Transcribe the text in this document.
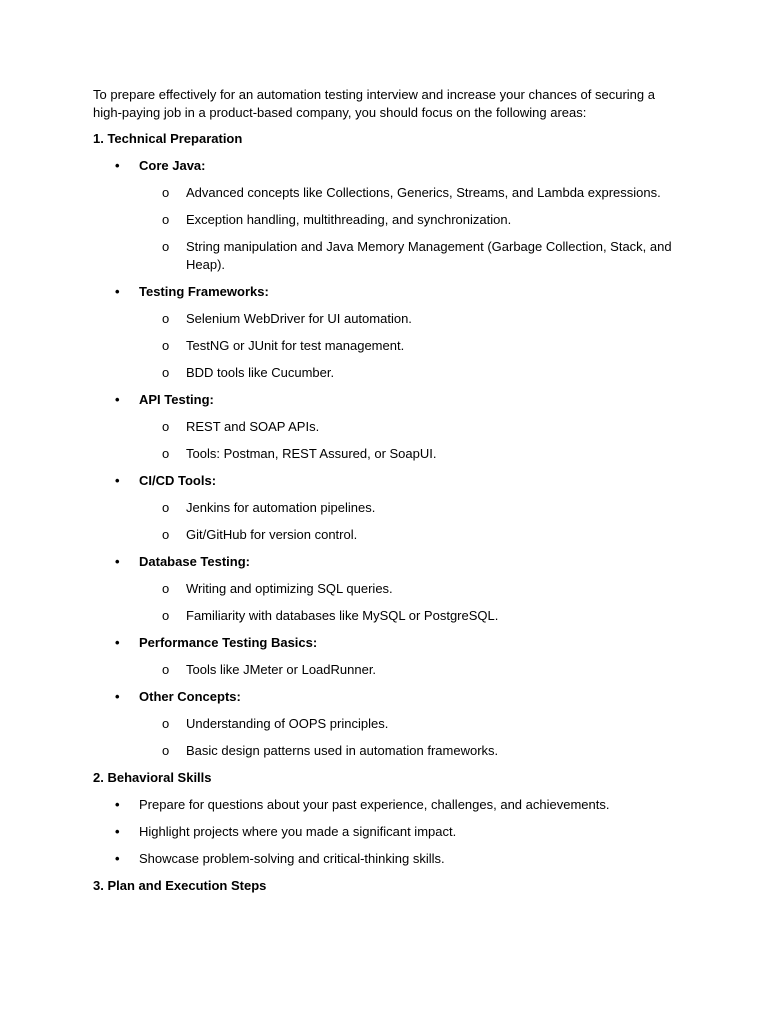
To prepare effectively for an automation testing interview and increase your chances of securing a high-paying job in a product-based company, you should focus on the following areas:

1. Technical Preparation
• Core Java:
o Advanced concepts like Collections, Generics, Streams, and Lambda expressions.
o Exception handling, multithreading, and synchronization.
o String manipulation and Java Memory Management (Garbage Collection, Stack, and Heap).
• Testing Frameworks:
o Selenium WebDriver for UI automation.
o TestNG or JUnit for test management.
o BDD tools like Cucumber.
• API Testing:
o REST and SOAP APIs.
o Tools: Postman, REST Assured, or SoapUI.
• CI/CD Tools:
o Jenkins for automation pipelines.
o Git/GitHub for version control.
• Database Testing:
o Writing and optimizing SQL queries.
o Familiarity with databases like MySQL or PostgreSQL.
• Performance Testing Basics:
o Tools like JMeter or LoadRunner.
• Other Concepts:
o Understanding of OOPS principles.
o Basic design patterns used in automation frameworks.
2. Behavioral Skills
• Prepare for questions about your past experience, challenges, and achievements.
• Highlight projects where you made a significant impact.
• Showcase problem-solving and critical-thinking skills.
3. Plan and Execution Steps
